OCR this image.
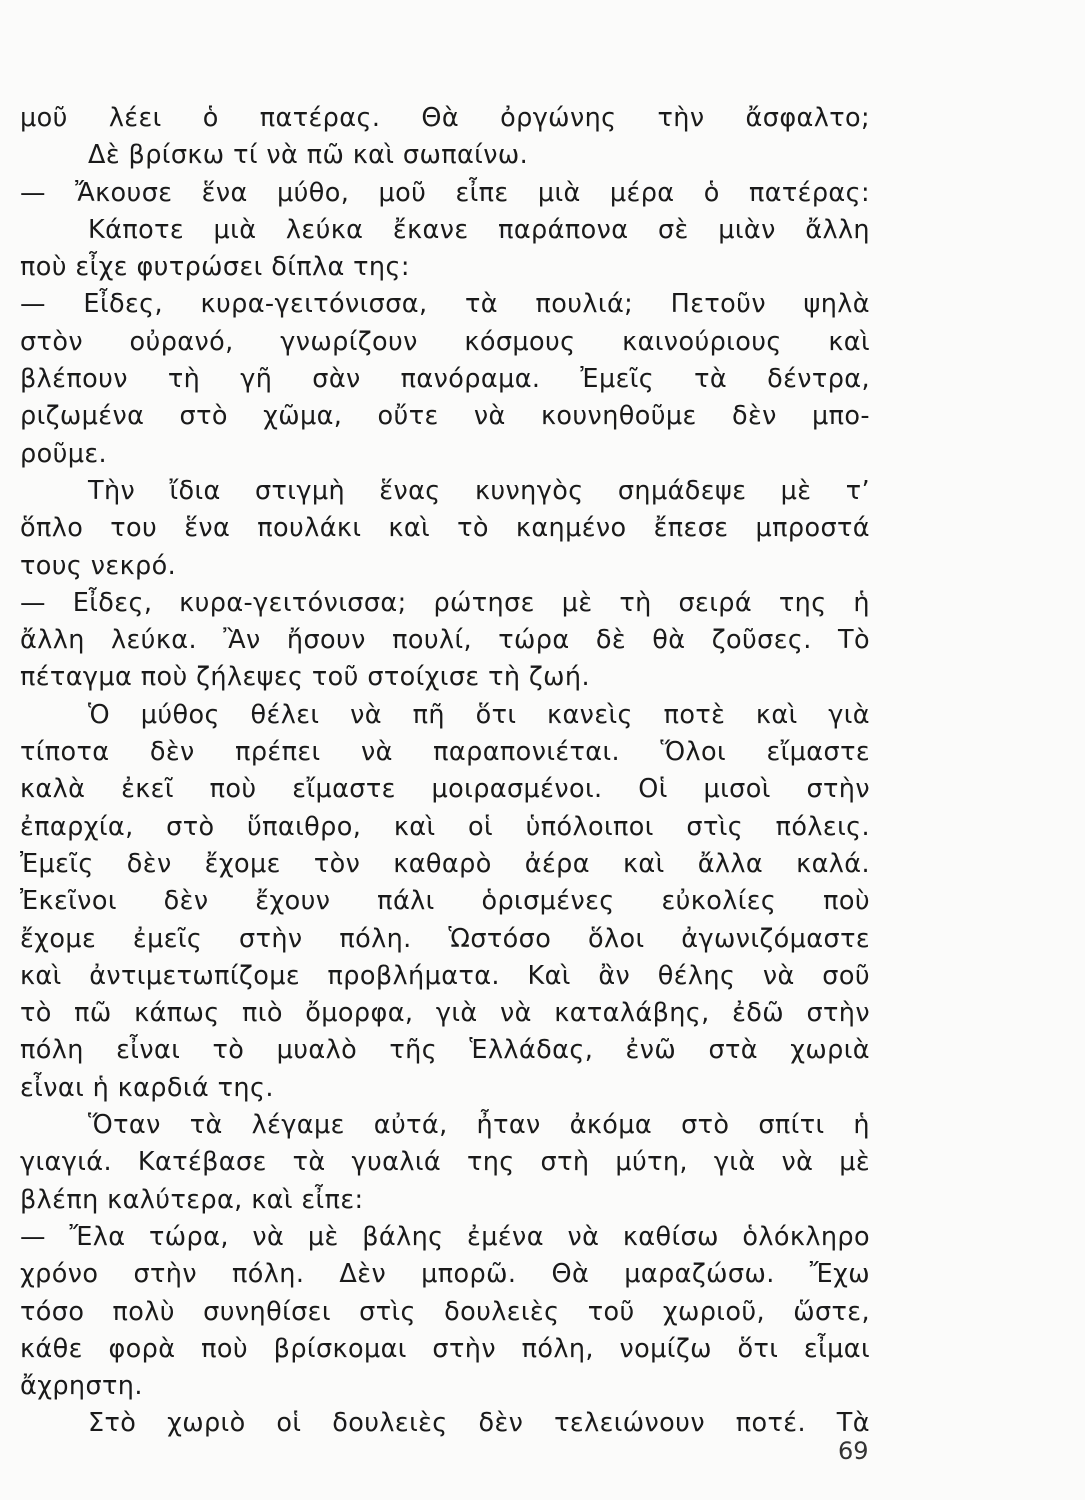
μοῦ λέει ὁ πατέρας. Θὰ ὀργώνης τὴν ἄσφαλτο;
Δὲ βρίσκω τί νὰ πῶ καὶ σωπαίνω.
— Ἄκουσε ἕνα μύθο, μοῦ εἶπε μιὰ μέρα ὁ πατέρας:
Κάποτε μιὰ λεύκα ἔκανε παράπονα σὲ μιὰν ἄλλη
ποὺ εἶχε φυτρώσει δίπλα της:
— Εἶδες, κυρα-γειτόνισσα, τὰ πουλιά; Πετοῦν ψηλὰ
στὸν οὐρανό, γνωρίζουν κόσμους καινούριους καὶ
βλέπουν τὴ γῆ σὰν πανόραμα. Ἐμεῖς τὰ δέντρα,
ριζωμένα στὸ χῶμα, οὔτε νὰ κουνηθοῦμε δὲν μπο-
ροῦμε.
Τὴν ἴδια στιγμὴ ἕνας κυνηγὸς σημάδεψε μὲ τ’
ὅπλο του ἕνα πουλάκι καὶ τὸ καημένο ἔπεσε μπροστά
τους νεκρό.
— Εἶδες, κυρα-γειτόνισσα; ρώτησε μὲ τὴ σειρά της ἡ
ἄλλη λεύκα. Ἂν ἤσουν πουλί, τώρα δὲ θὰ ζοῦσες. Τὸ
πέταγμα ποὺ ζήλεψες τοῦ στοίχισε τὴ ζωή.
Ὁ μύθος θέλει νὰ πῆ ὅτι κανεὶς ποτὲ καὶ γιὰ
τίποτα δὲν πρέπει νὰ παραπονιέται. Ὅλοι εἴμαστε
καλὰ ἐκεῖ ποὺ εἴμαστε μοιρασμένοι. Οἱ μισοὶ στὴν
ἐπαρχία, στὸ ὕπαιθρο, καὶ οἱ ὑπόλοιποι στὶς πόλεις.
Ἐμεῖς δὲν ἔχομε τὸν καθαρὸ ἀέρα καὶ ἄλλα καλά.
Ἐκεῖνοι δὲν ἔχουν πάλι ὁρισμένες εὐκολίες ποὺ
ἔχομε ἐμεῖς στὴν πόλη. Ὡστόσο ὅλοι ἀγωνιζόμαστε
καὶ ἀντιμετωπίζομε προβλήματα. Καὶ ἂν θέλης νὰ σοῦ
τὸ πῶ κάπως πιὸ ὄμορφα, γιὰ νὰ καταλάβης, ἐδῶ στὴν
πόλη εἶναι τὸ μυαλὸ τῆς Ἑλλάδας, ἐνῶ στὰ χωριὰ
εἶναι ἡ καρδιά της.
Ὅταν τὰ λέγαμε αὐτά, ἦταν ἀκόμα στὸ σπίτι ἡ
γιαγιά. Κατέβασε τὰ γυαλιά της στὴ μύτη, γιὰ νὰ μὲ
βλέπη καλύτερα, καὶ εἶπε:
— Ἔλα τώρα, νὰ μὲ βάλης ἐμένα νὰ καθίσω ὁλόκληρο
χρόνο στὴν πόλη. Δὲν μπορῶ. Θὰ μαραζώσω. Ἔχω
τόσο πολὺ συνηθίσει στὶς δουλειὲς τοῦ χωριοῦ, ὥστε,
κάθε φορὰ ποὺ βρίσκομαι στὴν πόλη, νομίζω ὅτι εἶμαι
ἄχρηστη.
Στὸ χωριὸ οἱ δουλειὲς δὲν τελειώνουν ποτέ. Τὰ
69
